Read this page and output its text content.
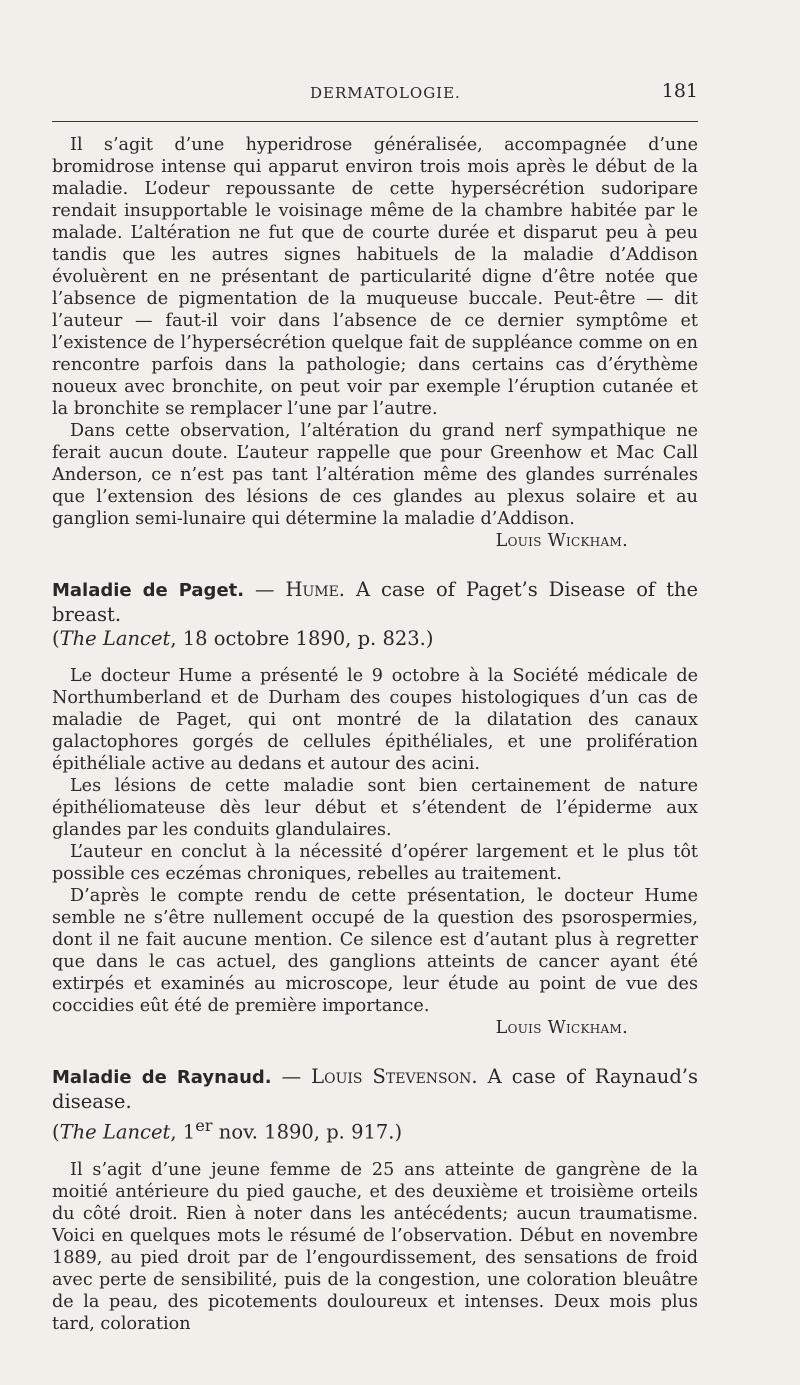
DERMATOLOGIE.	181

Il s’agit d’une hyperidrose généralisée, accompagnée d’une bromidrose intense qui apparut environ trois mois après le début de la maladie. L’odeur repoussante de cette hypersécrétion sudoripare rendait insupportable le voisinage même de la chambre habitée par le malade. L’altération ne fut que de courte durée et disparut peu à peu tandis que les autres signes habituels de la maladie d’Addison évoluèrent en ne présentant de particularité digne d’être notée que l’absence de pigmentation de la muqueuse buccale. Peut-être — dit l’auteur — faut-il voir dans l’absence de ce dernier symptôme et l’existence de l’hypersécrétion quelque fait de suppléance comme on en rencontre parfois dans la pathologie; dans certains cas d’érythème noueux avec bronchite, on peut voir par exemple l’éruption cutanée et la bronchite se remplacer l’une par l’autre.

Dans cette observation, l’altération du grand nerf sympathique ne ferait aucun doute. L’auteur rappelle que pour Greenhow et Mac Call Anderson, ce n’est pas tant l’altération même des glandes surrénales que l’extension des lésions de ces glandes au plexus solaire et au ganglion semi-lunaire qui détermine la maladie d’Addison.

Louis Wickham.
Maladie de Paget. — Hume. A case of Paget’s Disease of the breast.
(The Lancet, 18 octobre 1890, p. 823.)

Le docteur Hume a présenté le 9 octobre à la Société médicale de Northumberland et de Durham des coupes histologiques d’un cas de maladie de Paget, qui ont montré de la dilatation des canaux galactophores gorgés de cellules épithéliales, et une prolifération épithéliale active au dedans et autour des acini.

Les lésions de cette maladie sont bien certainement de nature épithéliomateuse dès leur début et s’étendent de l’épiderme aux glandes par les conduits glandulaires.

L’auteur en conclut à la nécessité d’opérer largement et le plus tôt possible ces eczémas chroniques, rebelles au traitement.

D’après le compte rendu de cette présentation, le docteur Hume semble ne s’être nullement occupé de la question des psorospermies, dont il ne fait aucune mention. Ce silence est d’autant plus à regretter que dans le cas actuel, des ganglions atteints de cancer ayant été extirpés et examinés au microscope, leur étude au point de vue des coccidies eût été de première importance.

Louis Wickham.
Maladie de Raynaud. — Louis Stevenson. A case of Raynaud’s disease.
(The Lancet, 1er nov. 1890, p. 917.)

Il s’agit d’une jeune femme de 25 ans atteinte de gangrène de la moitié antérieure du pied gauche, et des deuxième et troisième orteils du côté droit. Rien à noter dans les antécédents; aucun traumatisme. Voici en quelques mots le résumé de l’observation. Début en novembre 1889, au pied droit par de l’engourdissement, des sensations de froid avec perte de sensibilité, puis de la congestion, une coloration bleuâtre de la peau, des picotements douloureux et intenses. Deux mois plus tard, coloration
